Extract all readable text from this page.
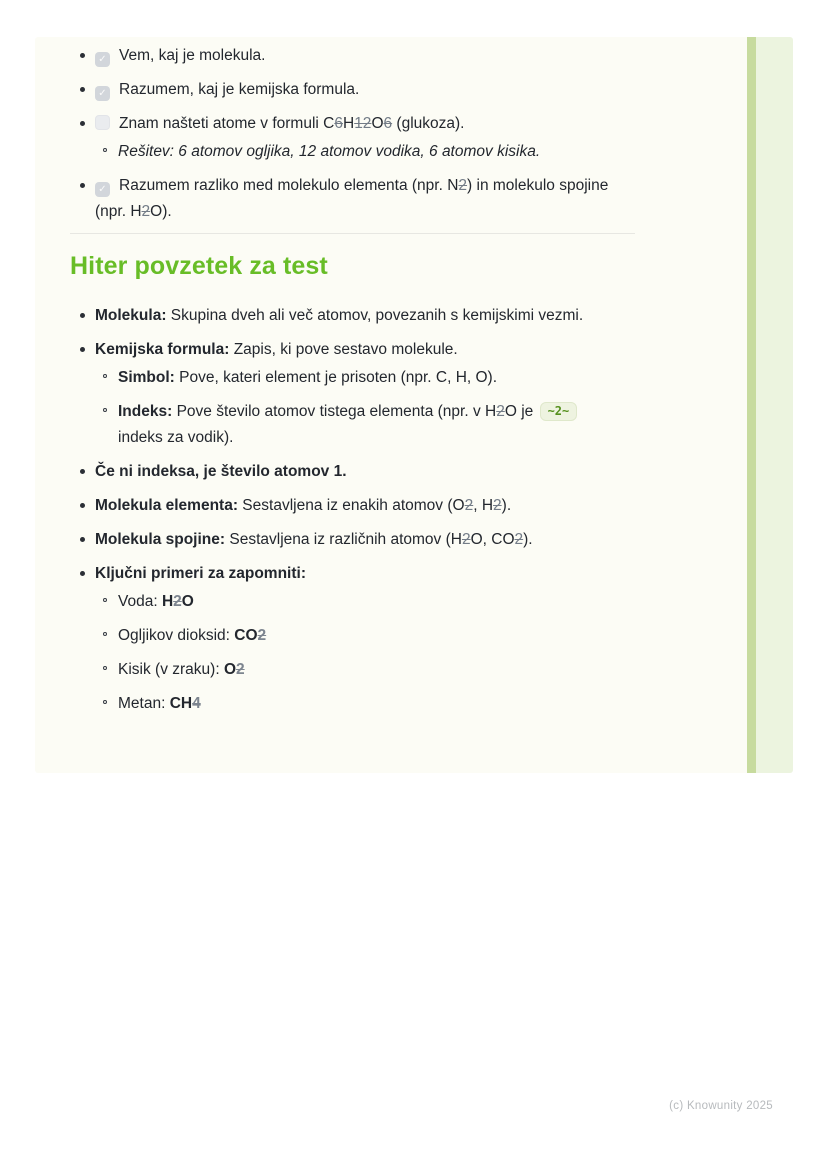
✓ Vem, kaj je molekula.
✓ Razumem, kaj je kemijska formula.
Znam našteti atome v formuli C6H12O6 (glukoza).
Rešitev: 6 atomov ogljika, 12 atomov vodika, 6 atomov kisika.
✓ Razumem razliko med molekulo elementa (npr. N2) in molekulo spojine
(npr. H2O).
Hiter povzetek za test
Molekula: Skupina dveh ali več atomov, povezanih s kemijskimi vezmi.
Kemijska formula: Zapis, ki pove sestavo molekule.
Simbol: Pove, kateri element je prisoten (npr. C, H, O).
Indeks: Pove število atomov tistega elementa (npr. v H2O je ~2~
indeks za vodik).
Če ni indeksa, je število atomov 1.
Molekula elementa: Sestavljena iz enakih atomov (O2, H2).
Molekula spojine: Sestavljena iz različnih atomov (H2O, CO2).
Ključni primeri za zapomniti:
Voda: H2O
Ogljikov dioksid: CO2
Kisik (v zraku): O2
Metan: CH4
(c) Knowunity 2025
